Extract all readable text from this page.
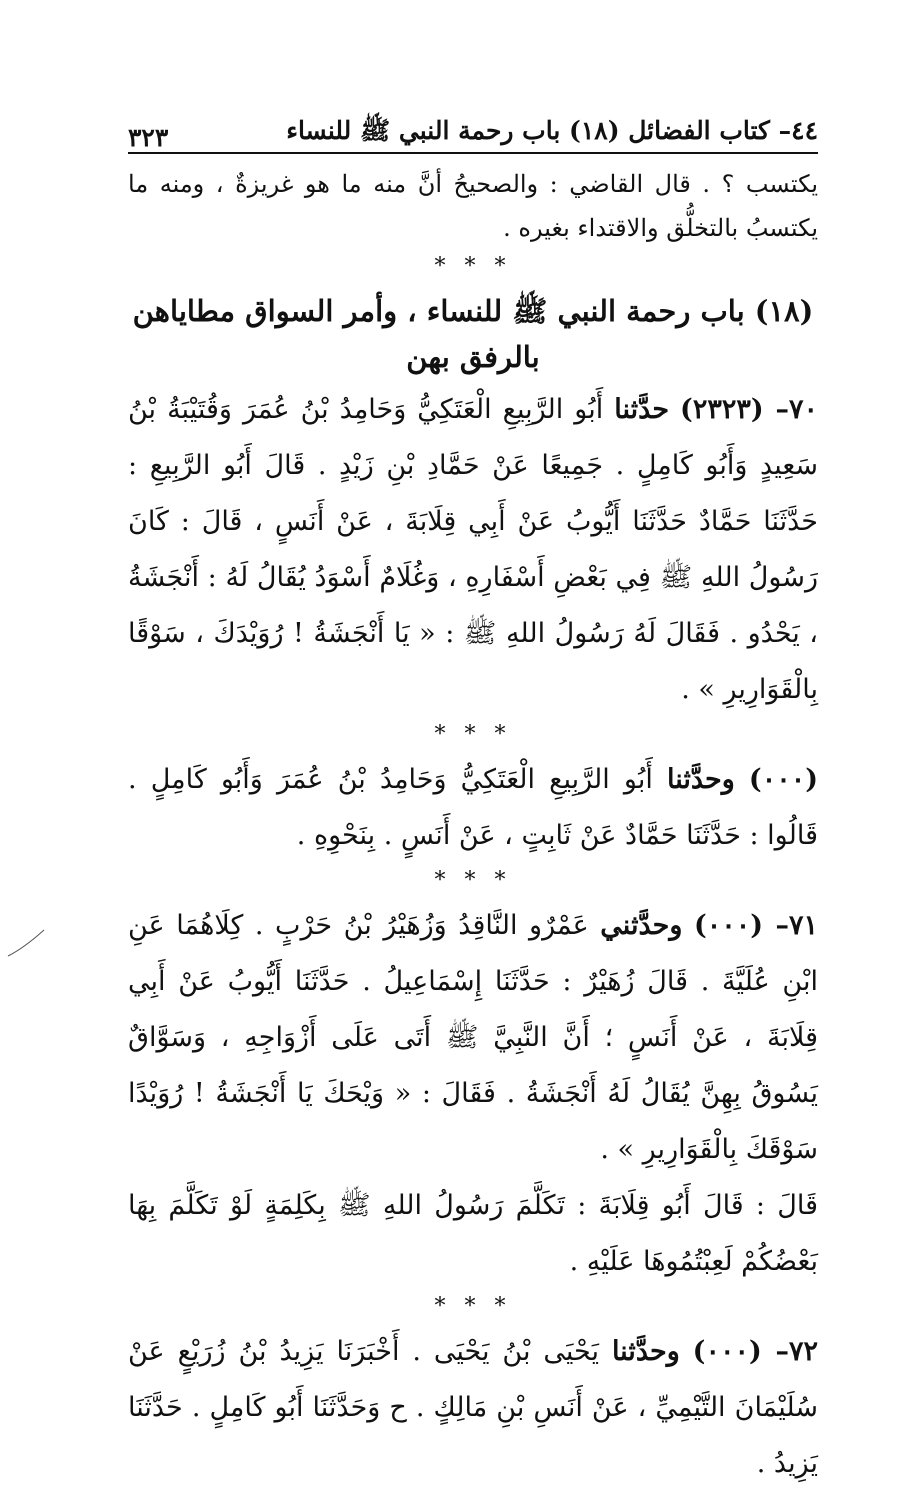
٤٤– كتاب الفضائل (١٨) باب رحمة النبي ﷺ للنساء
٣٢٣

يكتسب ؟ . قال القاضي : والصحيحُ أنَّ منه ما هو غريزةٌ ، ومنه ما يكتسبُ بالتخلُّق والاقتداء بغيره .

* * *

(١٨) باب رحمة النبي ﷺ للنساء ، وأمر السواق مطاياهن بالرفق بهن

٧٠– (٢٣٢٣) حدَّثنا أَبُو الرَّبِيعِ الْعَتَكِيُّ وَحَامِدُ بْنُ عُمَرَ وَقُتَيْبَةُ بْنُ سَعِيدٍ وَأَبُو كَامِلٍ . جَمِيعًا عَنْ حَمَّادِ بْنِ زَيْدٍ . قَالَ أَبُو الرَّبِيعِ : حَدَّثَنَا حَمَّادٌ حَدَّثَنَا أَيُّوبُ عَنْ أَبِي قِلَابَةَ ، عَنْ أَنَسٍ ، قَالَ : كَانَ رَسُولُ اللهِ ﷺ فِي بَعْضِ أَسْفَارِهِ ، وَغُلَامٌ أَسْوَدُ يُقَالُ لَهُ : أَنْجَشَةُ ، يَحْدُو . فَقَالَ لَهُ رَسُولُ اللهِ ﷺ : « يَا أَنْجَشَةُ ! رُوَيْدَكَ ، سَوْقًا بِالْقَوَارِيرِ » .

* * *

(٠٠٠) وحدَّثنا أَبُو الرَّبِيعِ الْعَتَكِيُّ وَحَامِدُ بْنُ عُمَرَ وَأَبُو كَامِلٍ . قَالُوا : حَدَّثَنَا حَمَّادٌ عَنْ ثَابِتٍ ، عَنْ أَنَسٍ . بِنَحْوِهِ .

* * *

٧١– (٠٠٠) وحدَّثني عَمْرٌو النَّاقِدُ وَزُهَيْرُ بْنُ حَرْبٍ . كِلَاهُمَا عَنِ ابْنِ عُلَيَّةَ . قَالَ زُهَيْرٌ : حَدَّثَنَا إِسْمَاعِيلُ . حَدَّثَنَا أَيُّوبُ عَنْ أَبِي قِلَابَةَ ، عَنْ أَنَسٍ ؛ أَنَّ النَّبِيَّ ﷺ أَتَى عَلَى أَزْوَاجِهِ ، وَسَوَّاقٌ يَسُوقُ بِهِنَّ يُقَالُ لَهُ أَنْجَشَةُ . فَقَالَ : « وَيْحَكَ يَا أَنْجَشَةُ ! رُوَيْدًا سَوْقَكَ بِالْقَوَارِيرِ » .

قَالَ : قَالَ أَبُو قِلَابَةَ : تَكَلَّمَ رَسُولُ اللهِ ﷺ بِكَلِمَةٍ لَوْ تَكَلَّمَ بِهَا بَعْضُكُمْ لَعِبْتُمُوهَا عَلَيْهِ .

* * *

٧٢– (٠٠٠) وحدَّثنا يَحْيَى بْنُ يَحْيَى . أَخْبَرَنَا يَزِيدُ بْنُ زُرَيْعٍ عَنْ سُلَيْمَانَ التَّيْمِيِّ ، عَنْ أَنَسِ بْنِ مَالِكٍ . ح وَحَدَّثَنَا أَبُو كَامِلٍ . حَدَّثَنَا يَزِيدُ .
